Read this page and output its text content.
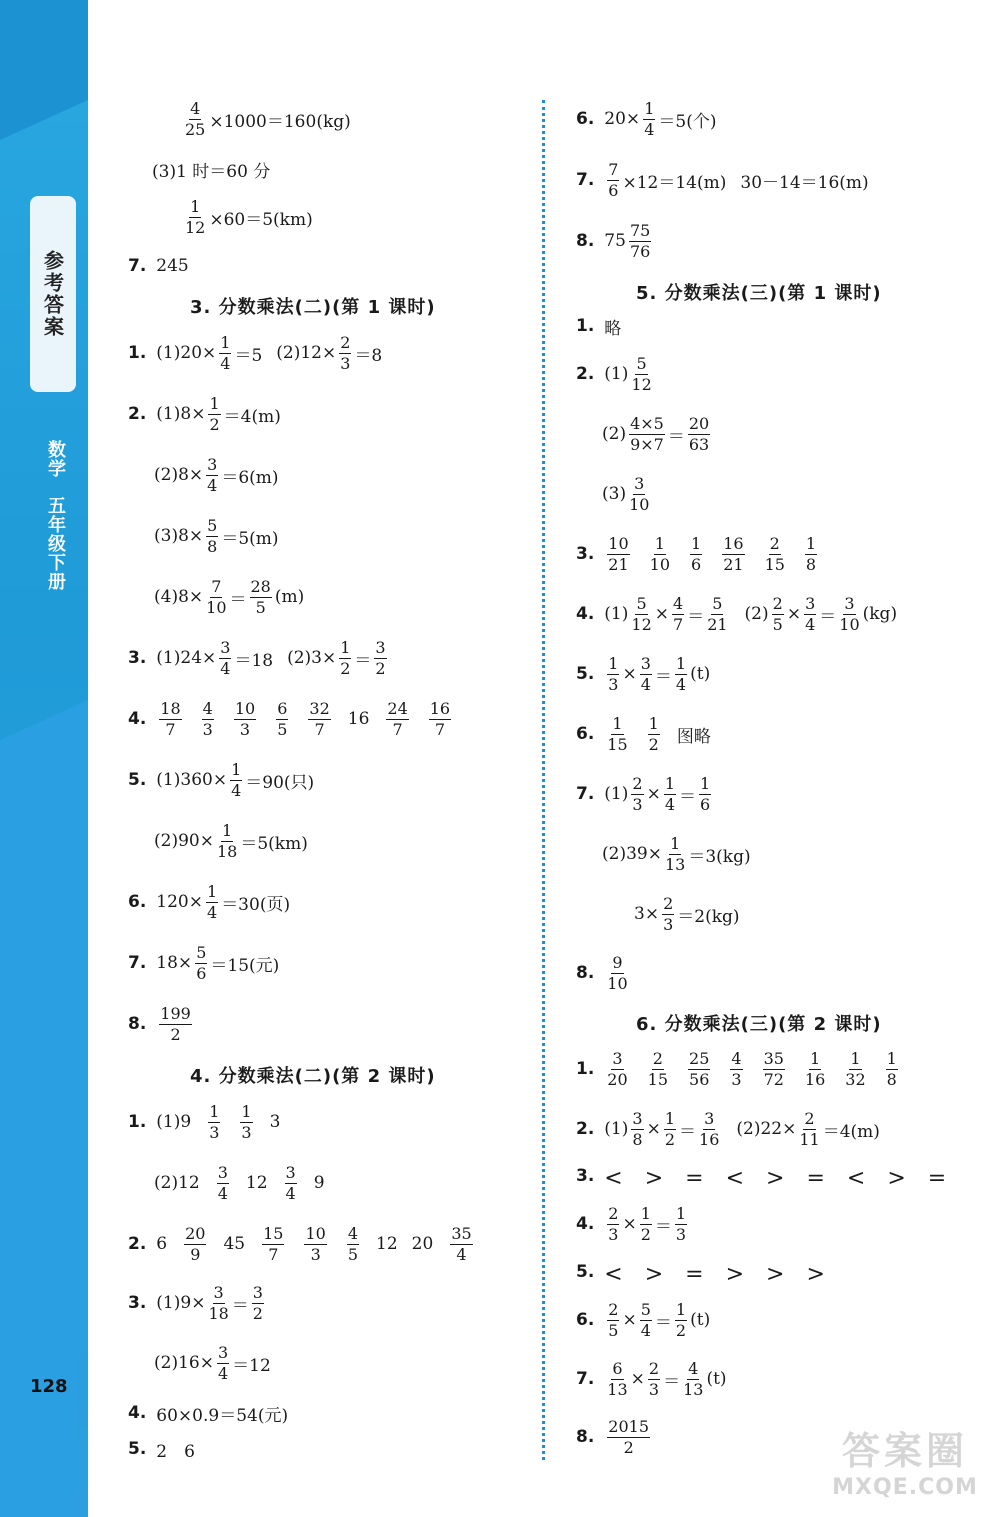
参考答案
数学五年级下册
128
$\frac{4}{25} \times 1000=160(kg)$
(3)1 时＝60 分
$\frac{1}{12} \times 60=5(km)$
7. 245
3. 分数乘法(二)(第 1 课时)
1. $(1)20\times \frac{1}{4} =5$ $(2)12\times \frac{2}{3} =8$
2. $(1)8\times \frac{1}{2} =4(m)$
$(2)8\times \frac{3}{4} =6(m)$
$(3)8\times \frac{5}{8} =5(m)$
$(4)8\times \frac{7}{10} = \frac{28}{5} (m)$
3. $(1)24\times \frac{3}{4} =18$ $(2)3\times \frac{1}{2} = \frac{3}{2}$
4. $\frac{18}{7} \frac{4}{3} \frac{10}{3} \frac{6}{5} \frac{32}{7} 16 \frac{24}{7} \frac{16}{7}$
5. $(1)360\times \frac{1}{4} =90$(只)
$(2)90\times \frac{1}{18} =5(km)$
6. $120\times \frac{1}{4} =30$(页)
7. $18\times \frac{5}{6} =15$(元)
8. $\frac{199}{2}$
4. 分数乘法(二)(第 2 课时)
1. $(1)9 \frac{1}{3} \frac{1}{3} 3$
$(2)12 \frac{3}{4} 12 \frac{3}{4} 9$
2. $6 \frac{20}{9} 45 \frac{15}{7} \frac{10}{3} \frac{4}{5} 12$ $20 \frac{35}{4}$
3. $(1)9\times \frac{3}{18} = \frac{3}{2}$
$(2)16\times \frac{3}{4} =12$
4. 60×0.9＝54(元)
5. 2　6
6. $20\times \frac{1}{4} =5$(个)
7. $\frac{7}{6} \times 12=14(m)$ 30－14＝16(m)
8. $75 \frac{75}{76}$
5. 分数乘法(三)(第 1 课时)
1. 略
2. $(1) \frac{5}{12}$
$(2) \frac{4\times 5}{9\times 7} = \frac{20}{63}$
$(3) \frac{3}{10}$
3. $\frac{10}{21} \frac{1}{10} \frac{1}{6} \frac{16}{21} \frac{2}{15} \frac{1}{8}$
4. $(1) \frac{5}{12} \times \frac{4}{7} = \frac{5}{21} (2) \frac{2}{5} \times \frac{3}{4} = \frac{3}{10} (kg)$
5. $\frac{1}{3} \times \frac{3}{4} = \frac{1}{4} (t)$
6. $\frac{1}{15} \frac{1}{2}$ 图略
7. $(1) \frac{2}{3} \times \frac{1}{4} = \frac{1}{6}$
$(2)39\times \frac{1}{13} =3(kg)$
$3\times \frac{2}{3} =2(kg)$
8. $\frac{9}{10}$
6. 分数乘法(三)(第 2 课时)
1. $\frac{3}{20} \frac{2}{15} \frac{25}{56} \frac{4}{3} \frac{35}{72} \frac{1}{16} \frac{1}{32} \frac{1}{8}$
2. $(1) \frac{3}{8} \times \frac{1}{2} = \frac{3}{16} (2)22\times \frac{2}{11} =4(m)$
3. <　>　=　<　>　=　<　>　=
4. $\frac{2}{3} \times \frac{1}{2} = \frac{1}{3}$
5. <　>　=　>　>　>
6. $\frac{2}{5} \times \frac{5}{4} = \frac{1}{2} (t)$
7. $\frac{6}{13} \times \frac{2}{3} = \frac{4}{13} (t)$
8. $\frac{2015}{2}$	答案圈
MXQE.COM
